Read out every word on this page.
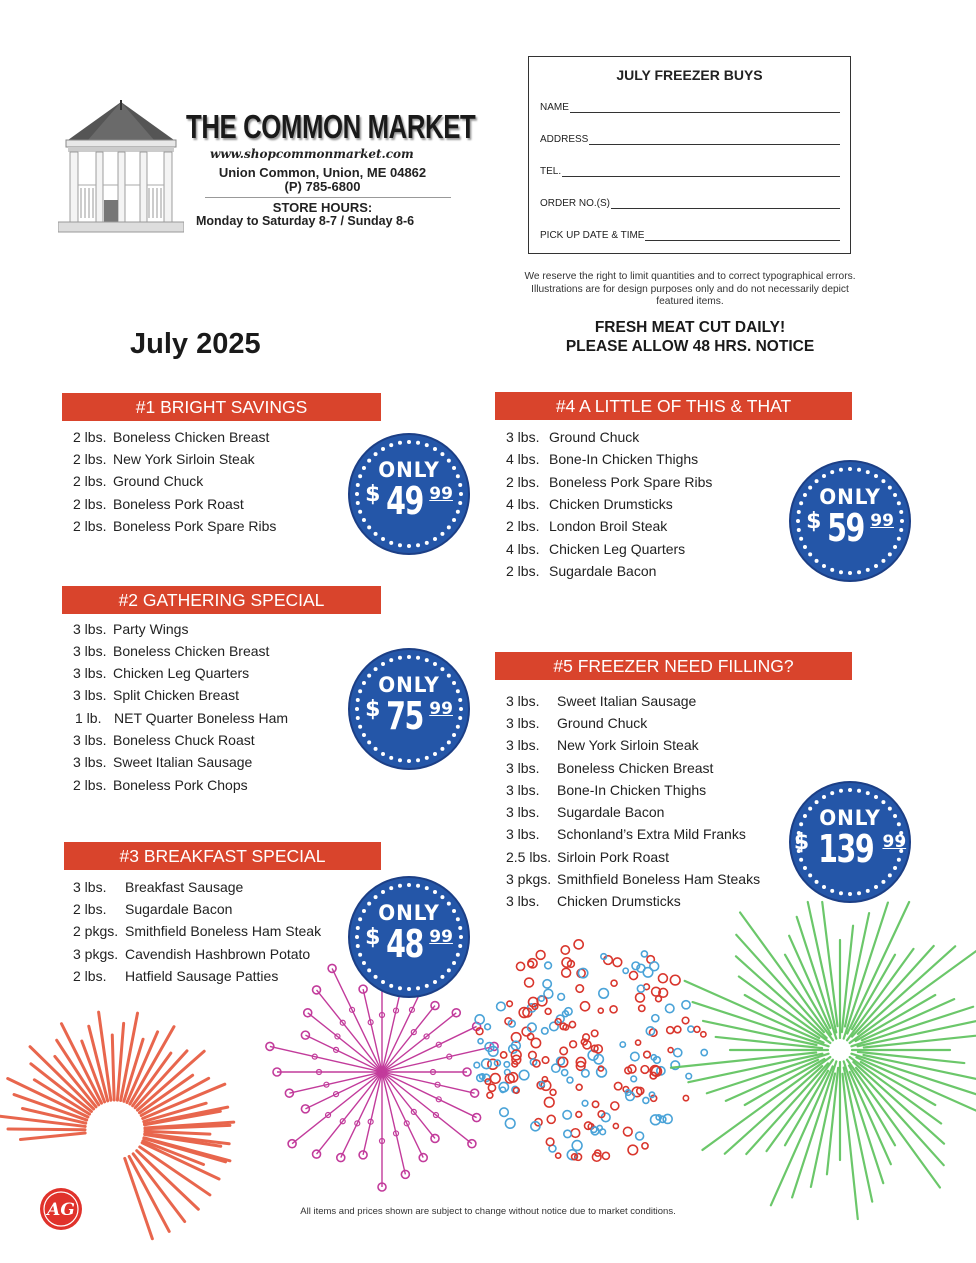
THE COMMON MARKET
www.shopcommonmarket.com
Union Common, Union, ME 04862
(P) 785-6800
STORE HOURS:
Monday to Saturday 8-7 / Sunday 8-6
JULY FREEZER BUYS
NAME
ADDRESS
TEL.
ORDER NO.(S)
PICK UP DATE & TIME
We reserve the right to limit quantities and to correct typographical errors. Illustrations are for design purposes only and do not necessarily depict featured items.
FRESH MEAT CUT DAILY!
PLEASE ALLOW 48 HRS. NOTICE
July 2025
#1 BRIGHT SAVINGS
2 lbs. Boneless Chicken Breast
2 lbs. New York Sirloin Steak
2 lbs. Ground Chuck
2 lbs. Boneless Pork Roast
2 lbs. Boneless Pork Spare Ribs
#2 GATHERING SPECIAL
3 lbs. Party Wings
3 lbs. Boneless Chicken Breast
3 lbs. Chicken Leg Quarters
3 lbs. Split Chicken Breast
1 lb. NET Quarter Boneless Ham
3 lbs. Boneless Chuck Roast
3 lbs. Sweet Italian Sausage
2 lbs. Boneless Pork Chops
#3 BREAKFAST SPECIAL
3 lbs. Breakfast Sausage
2 lbs. Sugardale Bacon
2 pkgs. Smithfield Boneless Ham Steak
3 pkgs. Cavendish Hashbrown Potato
2 lbs. Hatfield Sausage Patties
#4 A LITTLE OF THIS & THAT
3 lbs. Ground Chuck
4 lbs. Bone-In Chicken Thighs
2 lbs. Boneless Pork Spare Ribs
4 lbs. Chicken Drumsticks
2 lbs. London Broil Steak
4 lbs. Chicken Leg Quarters
2 lbs. Sugardale Bacon
#5 FREEZER NEED FILLING?
3 lbs. Sweet Italian Sausage
3 lbs. Ground Chuck
3 lbs. New York Sirloin Steak
3 lbs. Boneless Chicken Breast
3 lbs. Bone-In Chicken Thighs
3 lbs. Sugardale Bacon
3 lbs. Schonland’s Extra Mild Franks
2.5 lbs. Sirloin Pork Roast
3 pkgs. Smithfield Boneless Ham Steaks
3 lbs. Chicken Drumsticks
ONLY
$ 49 99
ONLY
$ 75 99
ONLY
$ 48 99
ONLY
$ 59 99
ONLY
$ 139 99
All items and prices shown are subject to change without notice due to market conditions.
AG
